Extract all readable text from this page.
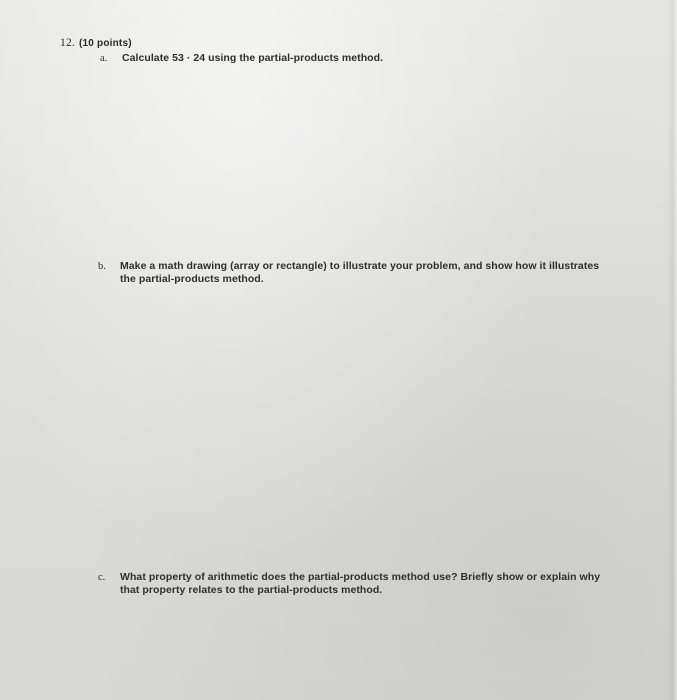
12. (10 points)
a. Calculate 53 · 24 using the partial-products method.
b. Make a math drawing (array or rectangle) to illustrate your problem, and show how it illustrates
the partial-products method.
c. What property of arithmetic does the partial-products method use? Briefly show or explain why
that property relates to the partial-products method.
